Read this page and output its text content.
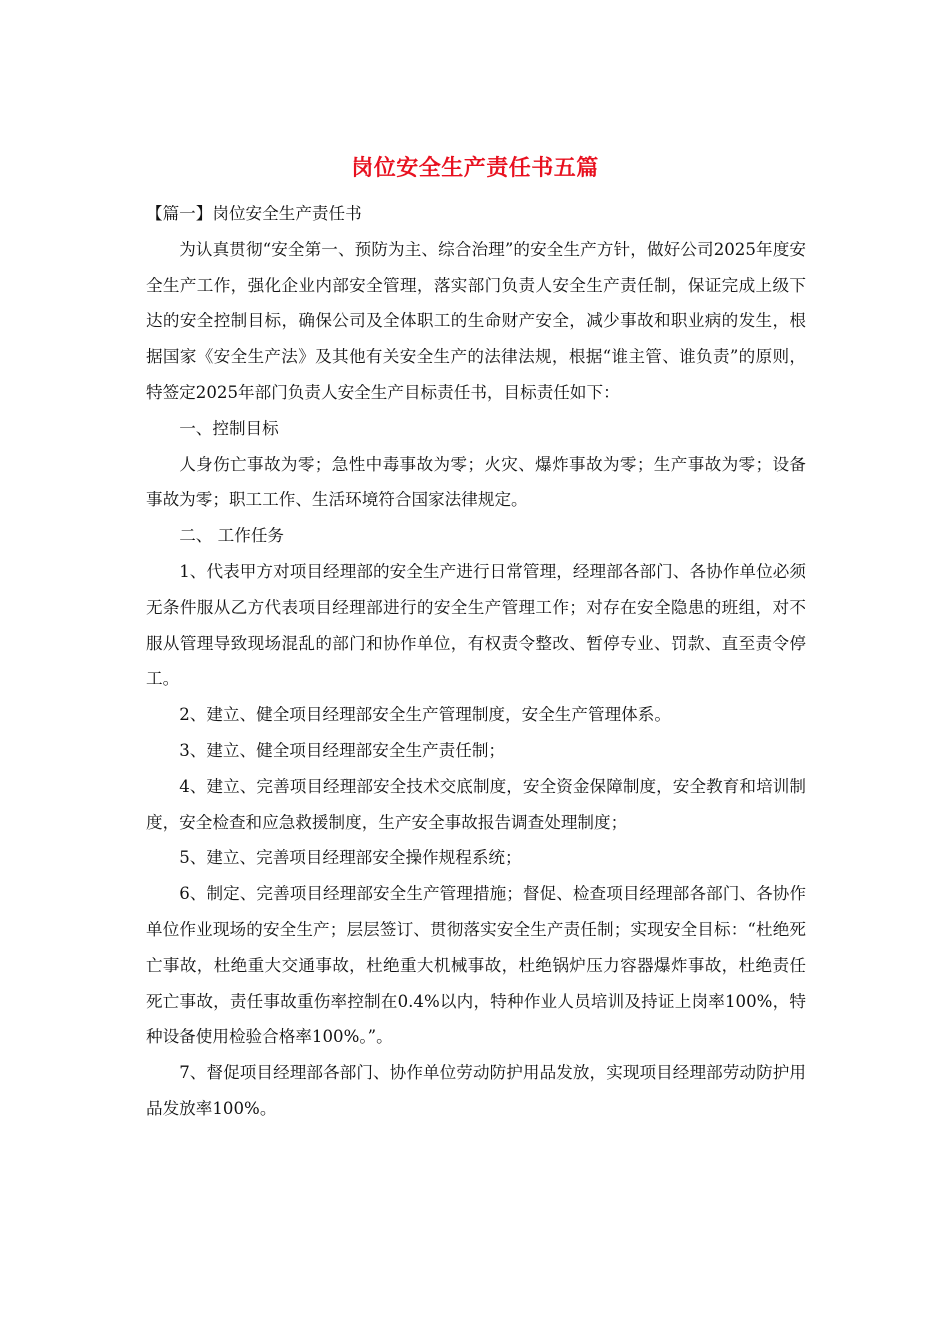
岗位安全生产责任书五篇

【篇一】岗位安全生产责任书

为认真贯彻“安全第一、预防为主、综合治理”的安全生产方针，做好公司2025年度安全生产工作，强化企业内部安全管理，落实部门负责人安全生产责任制，保证完成上级下达的安全控制目标，确保公司及全体职工的生命财产安全，减少事故和职业病的发生，根据国家《安全生产法》及其他有关安全生产的法律法规，根据“谁主管、谁负责”的原则，特签定2025年部门负责人安全生产目标责任书，目标责任如下：

一、控制目标

人身伤亡事故为零；急性中毒事故为零；火灾、爆炸事故为零；生产事故为零；设备事故为零；职工工作、生活环境符合国家法律规定。

二、 工作任务

1、代表甲方对项目经理部的安全生产进行日常管理，经理部各部门、各协作单位必须无条件服从乙方代表项目经理部进行的安全生产管理工作；对存在安全隐患的班组，对不服从管理导致现场混乱的部门和协作单位，有权责令整改、暂停专业、罚款、直至责令停工。

2、建立、健全项目经理部安全生产管理制度，安全生产管理体系。

3、建立、健全项目经理部安全生产责任制；

4、建立、完善项目经理部安全技术交底制度，安全资金保障制度，安全教育和培训制度，安全检查和应急救援制度，生产安全事故报告调查处理制度；

5、建立、完善项目经理部安全操作规程系统；

6、制定、完善项目经理部安全生产管理措施；督促、检查项目经理部各部门、各协作单位作业现场的安全生产；层层签订、贯彻落实安全生产责任制；实现安全目标：“杜绝死亡事故，杜绝重大交通事故，杜绝重大机械事故，杜绝锅炉压力容器爆炸事故，杜绝责任死亡事故，责任事故重伤率控制在0.4%以内，特种作业人员培训及持证上岗率100%，特种设备使用检验合格率100%。”。

7、督促项目经理部各部门、协作单位劳动防护用品发放，实现项目经理部劳动防护用品发放率100%。
